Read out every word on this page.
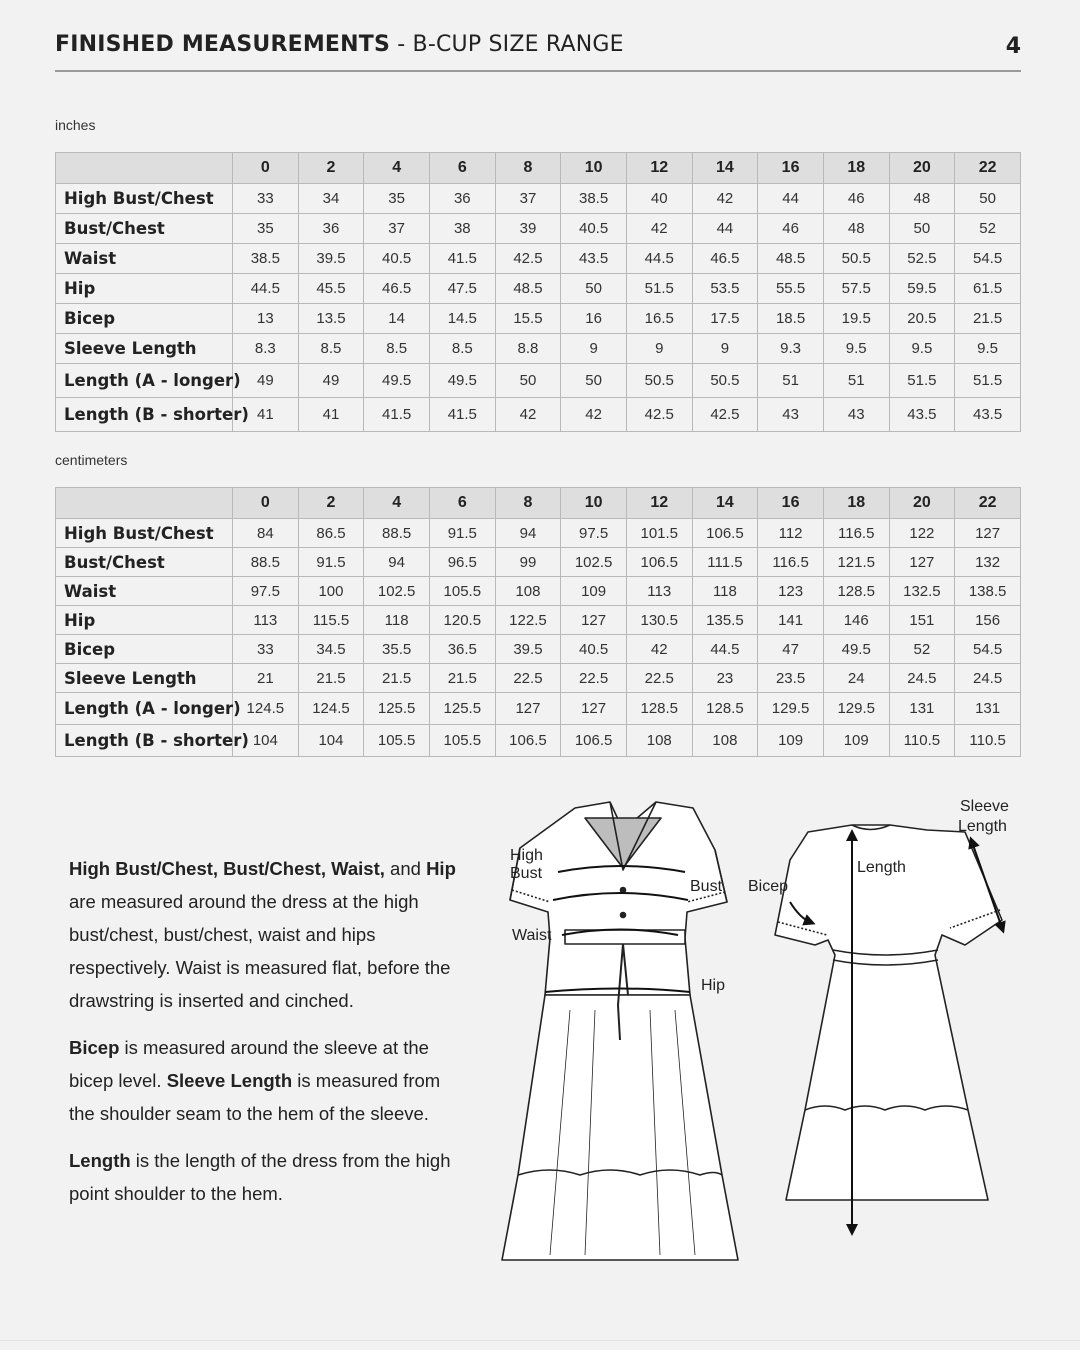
FINISHED MEASUREMENTS - B-CUP SIZE RANGE	4
inches
	0	2	4	6	8	10	12	14	16	18	20	22
High Bust/Chest	33	34	35	36	37	38.5	40	42	44	46	48	50
Bust/Chest	35	36	37	38	39	40.5	42	44	46	48	50	52
Waist	38.5	39.5	40.5	41.5	42.5	43.5	44.5	46.5	48.5	50.5	52.5	54.5
Hip	44.5	45.5	46.5	47.5	48.5	50	51.5	53.5	55.5	57.5	59.5	61.5
Bicep	13	13.5	14	14.5	15.5	16	16.5	17.5	18.5	19.5	20.5	21.5
Sleeve Length	8.3	8.5	8.5	8.5	8.8	9	9	9	9.3	9.5	9.5	9.5
Length (A - longer)	49	49	49.5	49.5	50	50	50.5	50.5	51	51	51.5	51.5
Length (B - shorter)	41	41	41.5	41.5	42	42	42.5	42.5	43	43	43.5	43.5
centimeters
	0	2	4	6	8	10	12	14	16	18	20	22
High Bust/Chest	84	86.5	88.5	91.5	94	97.5	101.5	106.5	112	116.5	122	127
Bust/Chest	88.5	91.5	94	96.5	99	102.5	106.5	111.5	116.5	121.5	127	132
Waist	97.5	100	102.5	105.5	108	109	113	118	123	128.5	132.5	138.5
Hip	113	115.5	118	120.5	122.5	127	130.5	135.5	141	146	151	156
Bicep	33	34.5	35.5	36.5	39.5	40.5	42	44.5	47	49.5	52	54.5
Sleeve Length	21	21.5	21.5	21.5	22.5	22.5	22.5	23	23.5	24	24.5	24.5
Length (A - longer)	124.5	124.5	125.5	125.5	127	127	128.5	128.5	129.5	129.5	131	131
Length (B - shorter)	104	104	105.5	105.5	106.5	106.5	108	108	109	109	110.5	110.5

High Bust/Chest, Bust/Chest, Waist, and Hip are measured around the dress at the high bust/chest, bust/chest, waist and hips respectively. Waist is measured flat, before the drawstring is inserted and cinched.

Bicep is measured around the sleeve at the bicep level. Sleeve Length is measured from the shoulder seam to the hem of the sleeve.

Length is the length of the dress from the high point shoulder to the hem.

High
Bust
Bust
Waist
Hip
Sleeve
Length
Bicep
Length
